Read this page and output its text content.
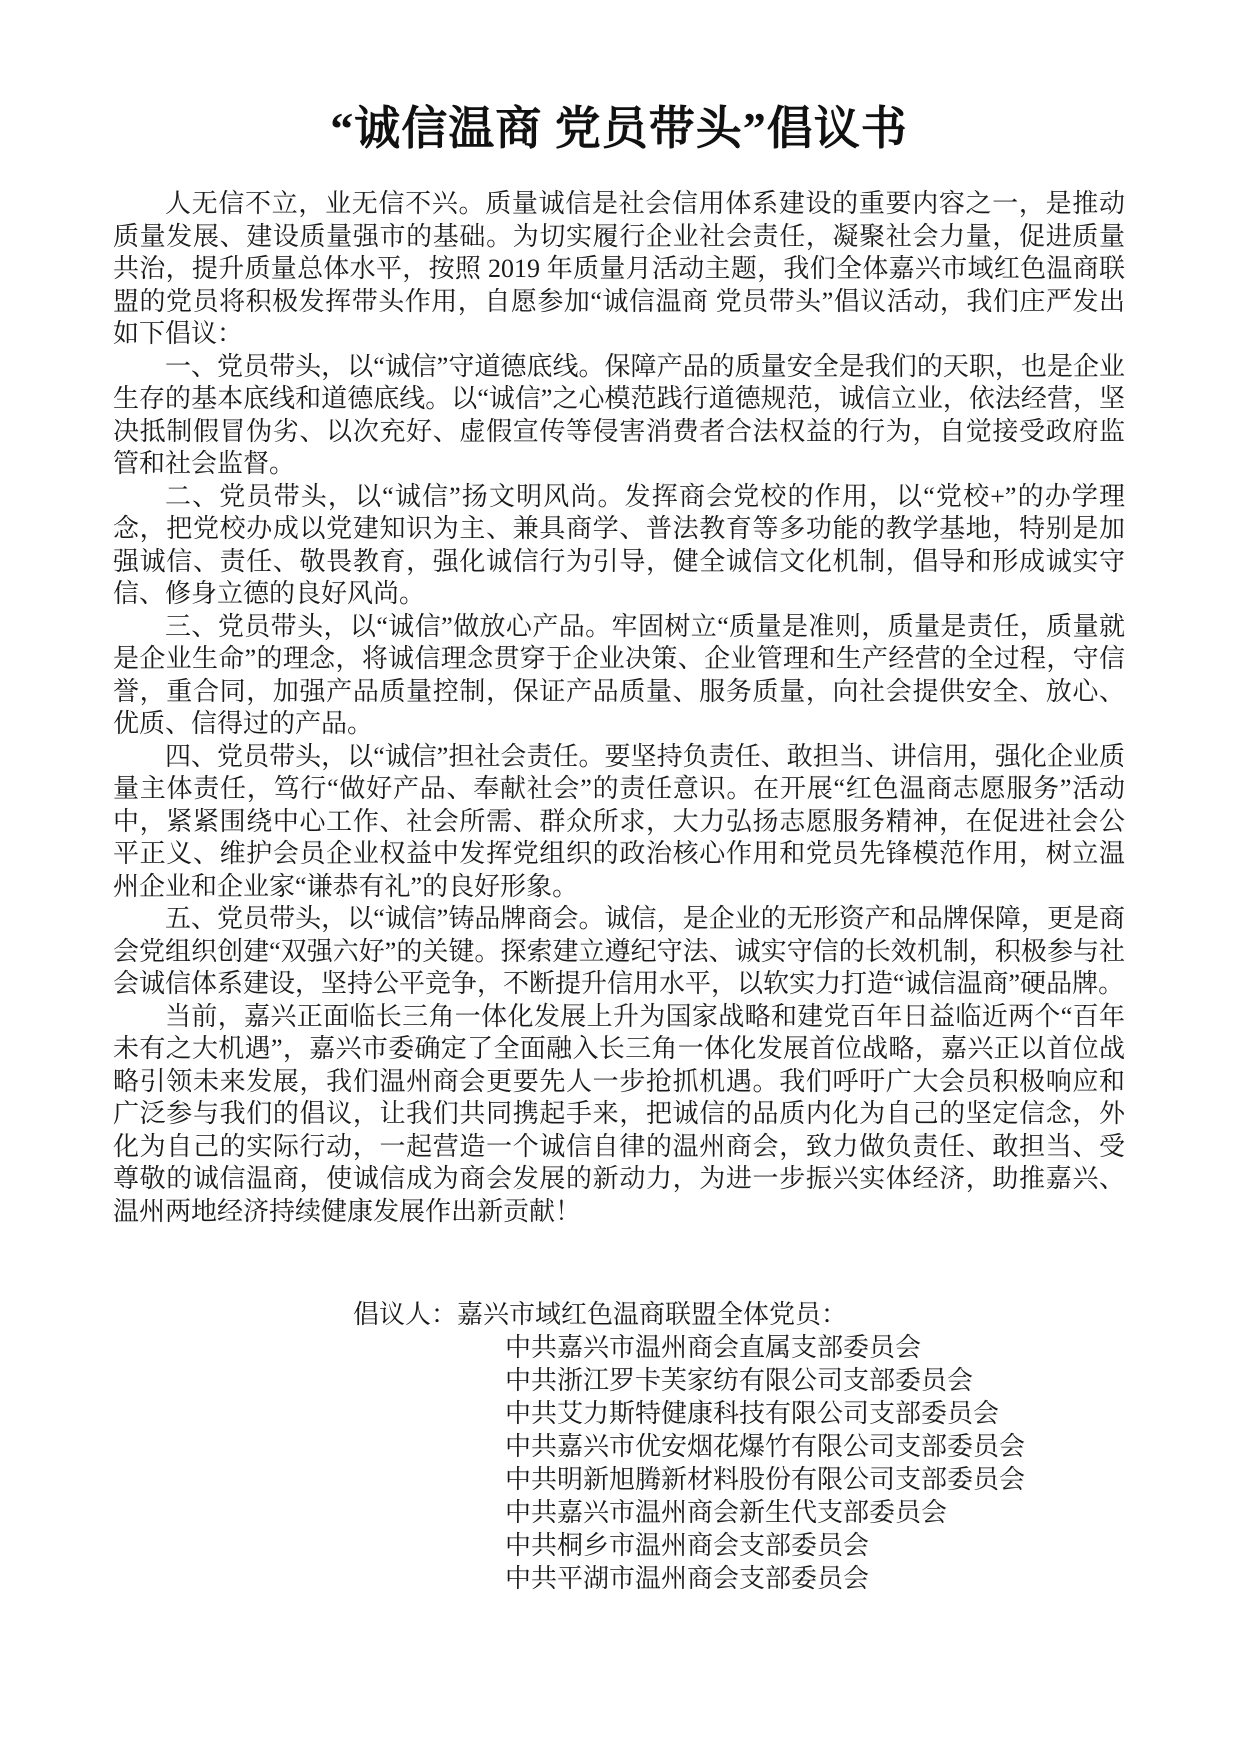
“诚信温商 党员带头”倡议书

人无信不立，业无信不兴。质量诚信是社会信用体系建设的重要内容之一，是推动质量发展、建设质量强市的基础。为切实履行企业社会责任，凝聚社会力量，促进质量共治，提升质量总体水平，按照 2019 年质量月活动主题，我们全体嘉兴市域红色温商联盟的党员将积极发挥带头作用，自愿参加“诚信温商 党员带头”倡议活动，我们庄严发出如下倡议：

一、党员带头，以“诚信”守道德底线。保障产品的质量安全是我们的天职，也是企业生存的基本底线和道德底线。以“诚信”之心模范践行道德规范，诚信立业，依法经营，坚决抵制假冒伪劣、以次充好、虚假宣传等侵害消费者合法权益的行为，自觉接受政府监管和社会监督。

二、党员带头，以“诚信”扬文明风尚。发挥商会党校的作用，以“党校+”的办学理念，把党校办成以党建知识为主、兼具商学、普法教育等多功能的教学基地，特别是加强诚信、责任、敬畏教育，强化诚信行为引导，健全诚信文化机制，倡导和形成诚实守信、修身立德的良好风尚。

三、党员带头，以“诚信”做放心产品。牢固树立“质量是准则，质量是责任，质量就是企业生命”的理念，将诚信理念贯穿于企业决策、企业管理和生产经营的全过程，守信誉，重合同，加强产品质量控制，保证产品质量、服务质量，向社会提供安全、放心、优质、信得过的产品。

四、党员带头，以“诚信”担社会责任。要坚持负责任、敢担当、讲信用，强化企业质量主体责任，笃行“做好产品、奉献社会”的责任意识。在开展“红色温商志愿服务”活动中，紧紧围绕中心工作、社会所需、群众所求，大力弘扬志愿服务精神，在促进社会公平正义、维护会员企业权益中发挥党组织的政治核心作用和党员先锋模范作用，树立温州企业和企业家“谦恭有礼”的良好形象。

五、党员带头，以“诚信”铸品牌商会。诚信，是企业的无形资产和品牌保障，更是商会党组织创建“双强六好”的关键。探索建立遵纪守法、诚实守信的长效机制，积极参与社会诚信体系建设，坚持公平竞争，不断提升信用水平，以软实力打造“诚信温商”硬品牌。

当前，嘉兴正面临长三角一体化发展上升为国家战略和建党百年日益临近两个“百年未有之大机遇”，嘉兴市委确定了全面融入长三角一体化发展首位战略，嘉兴正以首位战略引领未来发展，我们温州商会更要先人一步抢抓机遇。我们呼吁广大会员积极响应和广泛参与我们的倡议，让我们共同携起手来，把诚信的品质内化为自己的坚定信念，外化为自己的实际行动，一起营造一个诚信自律的温州商会，致力做负责任、敢担当、受尊敬的诚信温商，使诚信成为商会发展的新动力，为进一步振兴实体经济，助推嘉兴、温州两地经济持续健康发展作出新贡献！

倡议人：嘉兴市域红色温商联盟全体党员：
中共嘉兴市温州商会直属支部委员会
中共浙江罗卡芙家纺有限公司支部委员会
中共艾力斯特健康科技有限公司支部委员会
中共嘉兴市优安烟花爆竹有限公司支部委员会
中共明新旭腾新材料股份有限公司支部委员会
中共嘉兴市温州商会新生代支部委员会
中共桐乡市温州商会支部委员会
中共平湖市温州商会支部委员会
